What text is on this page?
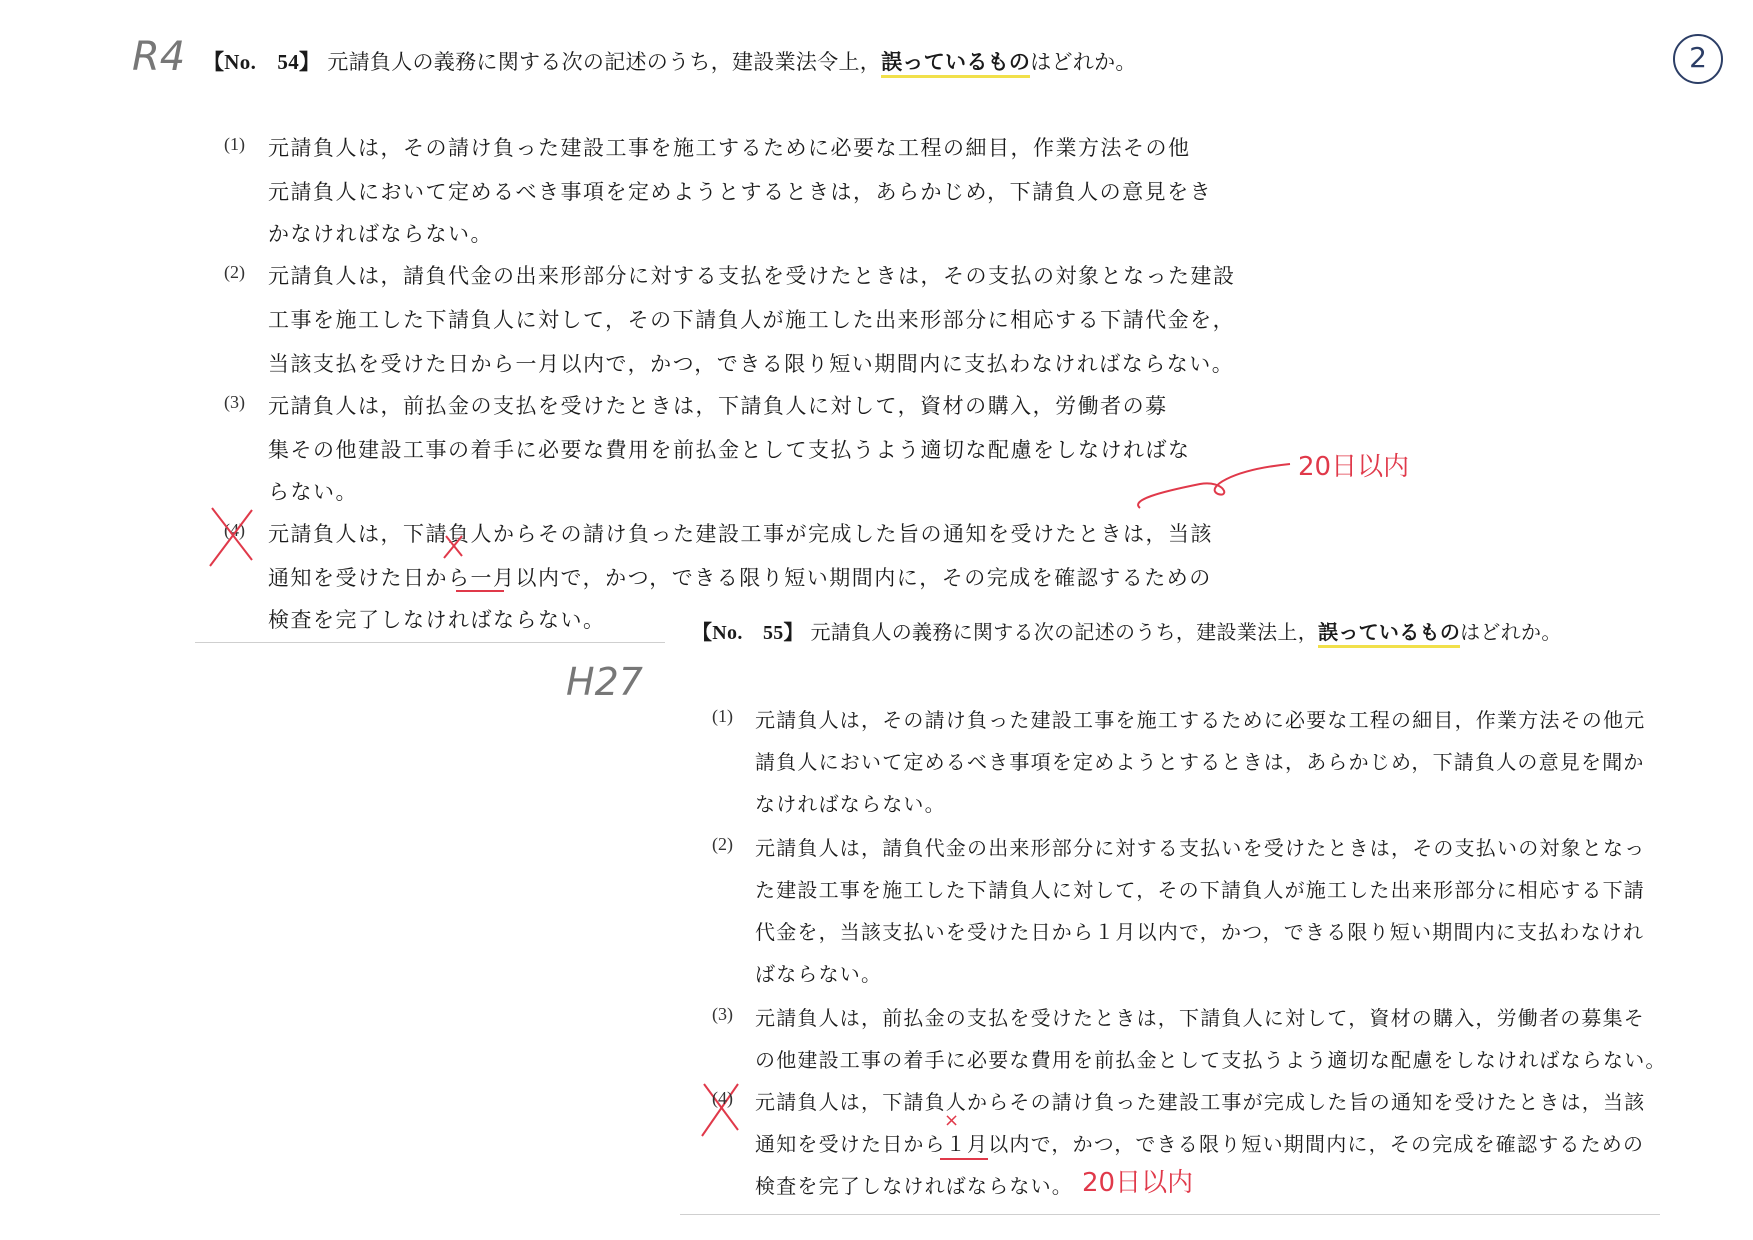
R4
H27
2
【No.　54】 元請負人の義務に関する次の記述のうち，建設業法令上，誤っているものはどれか。
(1) 元請負人は，その請け負った建設工事を施工するために必要な工程の細目，作業方法その他
元請負人において定めるべき事項を定めようとするときは，あらかじめ，下請負人の意見をき
かなければならない。
(2) 元請負人は，請負代金の出来形部分に対する支払を受けたときは，その支払の対象となった建設
工事を施工した下請負人に対して，その下請負人が施工した出来形部分に相応する下請代金を，
当該支払を受けた日から一月以内で，かつ，できる限り短い期間内に支払わなければならない。
(3) 元請負人は，前払金の支払を受けたときは，下請負人に対して，資材の購入，労働者の募
集その他建設工事の着手に必要な費用を前払金として支払うよう適切な配慮をしなければな
らない。
(4) 元請負人は，下請負人からその請け負った建設工事が完成した旨の通知を受けたときは，当該
通知を受けた日から一月以内で，かつ，できる限り短い期間内に，その完成を確認するための
検査を完了しなければならない。
20日以内
【No.　55】 元請負人の義務に関する次の記述のうち，建設業法上，誤っているものはどれか。
(1) 元請負人は，その請け負った建設工事を施工するために必要な工程の細目，作業方法その他元
請負人において定めるべき事項を定めようとするときは，あらかじめ，下請負人の意見を聞か
なければならない。
(2) 元請負人は，請負代金の出来形部分に対する支払いを受けたときは，その支払いの対象となっ
た建設工事を施工した下請負人に対して，その下請負人が施工した出来形部分に相応する下請
代金を，当該支払いを受けた日から１月以内で，かつ，できる限り短い期間内に支払わなけれ
ばならない。
(3) 元請負人は，前払金の支払を受けたときは，下請負人に対して，資材の購入，労働者の募集そ
の他建設工事の着手に必要な費用を前払金として支払うよう適切な配慮をしなければならない。
(4) 元請負人は，下請負人からその請け負った建設工事が完成した旨の通知を受けたときは，当該
通知を受けた日から１月以内で，かつ，できる限り短い期間内に，その完成を確認するための
検査を完了しなければならない。
×
20日以内
